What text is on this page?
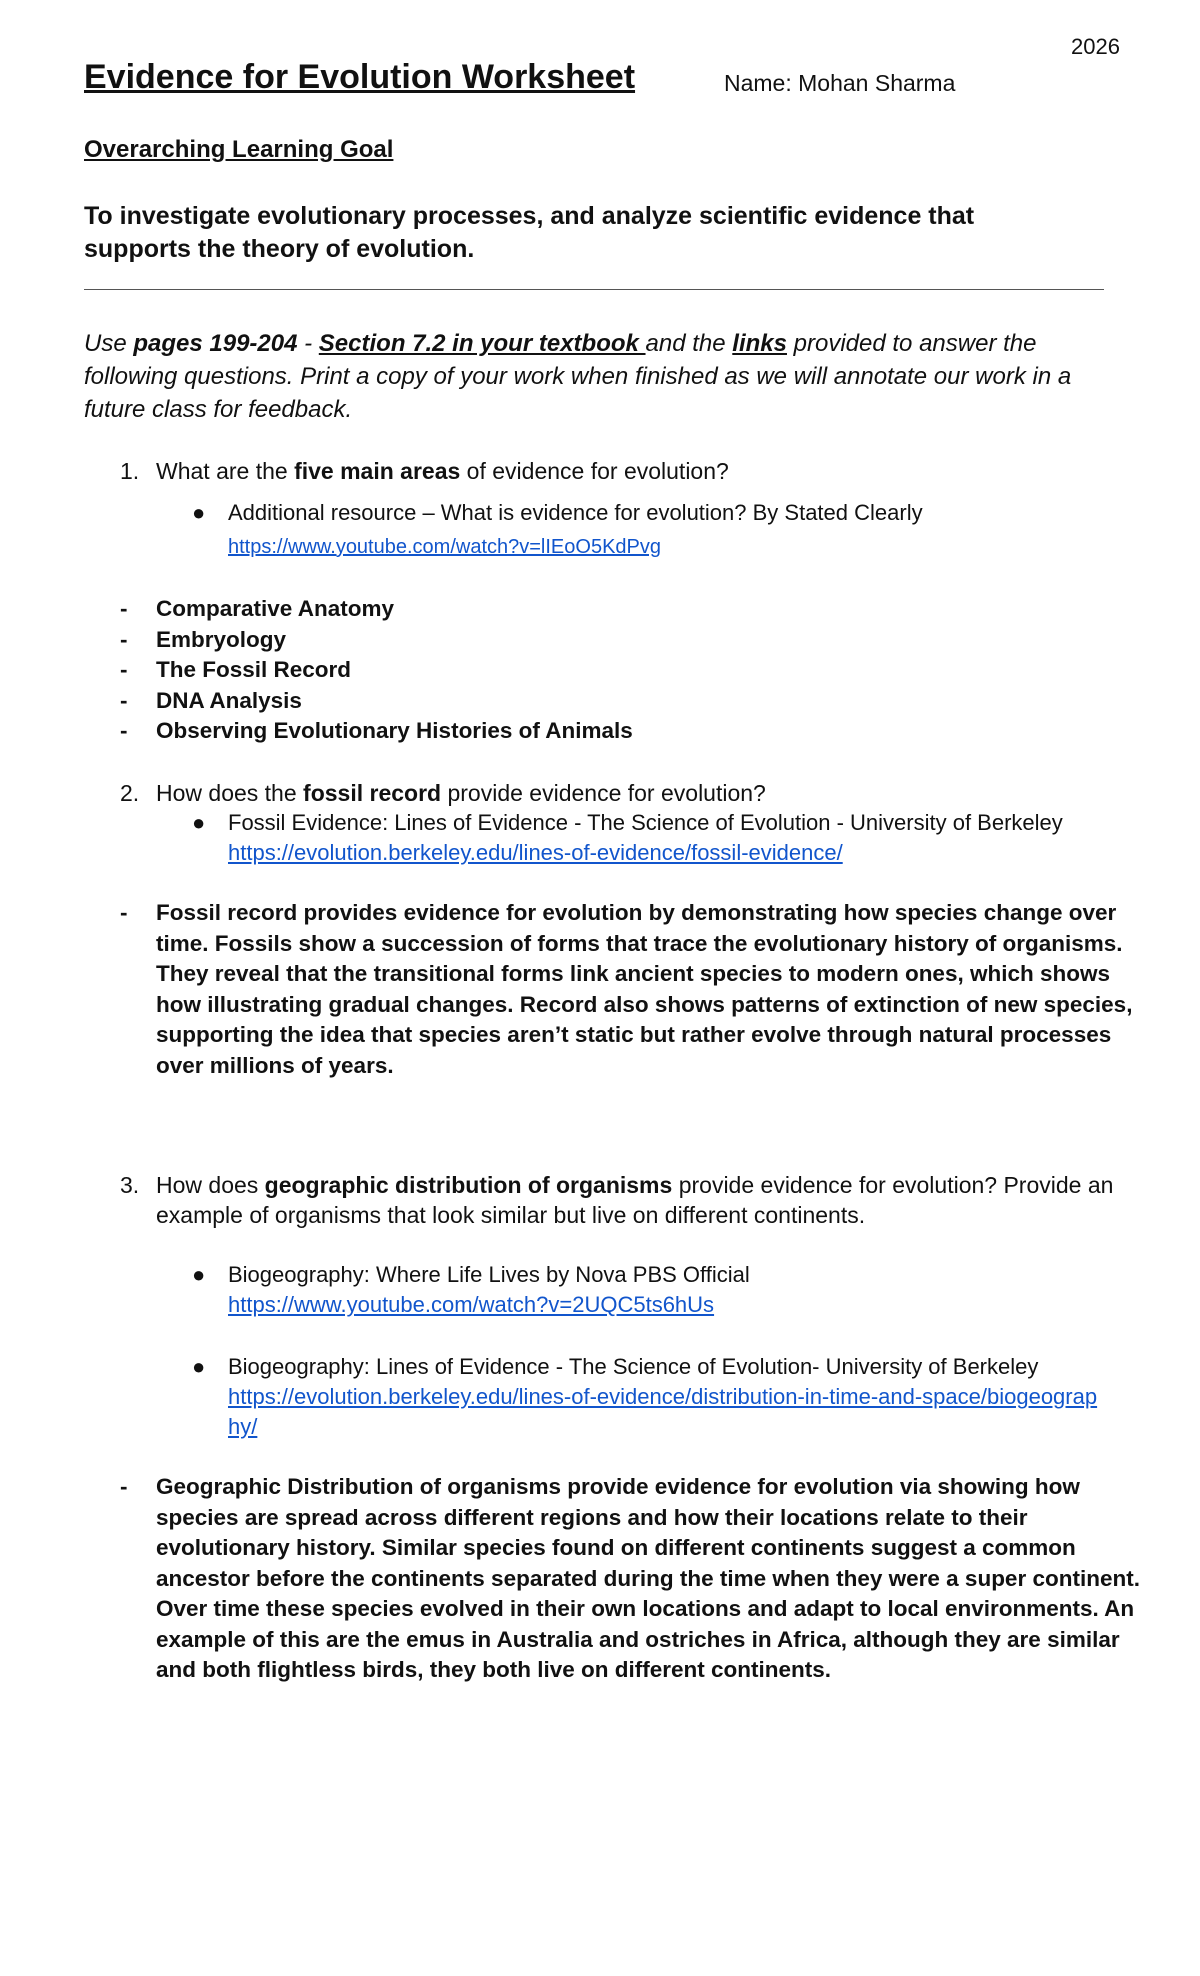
2026
Evidence for Evolution Worksheet	Name: Mohan Sharma
Overarching Learning Goal

To investigate evolutionary processes, and analyze scientific evidence that supports the theory of evolution.

Use pages 199-204 - Section 7.2 in your textbook and the links provided to answer the following questions. Print a copy of your work when finished as we will annotate our work in a future class for feedback.

1. What are the five main areas of evidence for evolution?
● Additional resource – What is evidence for evolution? By Stated Clearly
https://www.youtube.com/watch?v=lIEoO5KdPvg
- Comparative Anatomy
- Embryology
- The Fossil Record
- DNA Analysis
- Observing Evolutionary Histories of Animals
2. How does the fossil record provide evidence for evolution?
● Fossil Evidence: Lines of Evidence - The Science of Evolution - University of Berkeley https://evolution.berkeley.edu/lines-of-evidence/fossil-evidence/
- Fossil record provides evidence for evolution by demonstrating how species change over time. Fossils show a succession of forms that trace the evolutionary history of organisms. They reveal that the transitional forms link ancient species to modern ones, which shows how illustrating gradual changes. Record also shows patterns of extinction of new species, supporting the idea that species aren’t static but rather evolve through natural processes over millions of years.
3. How does geographic distribution of organisms provide evidence for evolution? Provide an example of organisms that look similar but live on different continents.
● Biogeography: Where Life Lives by Nova PBS Official
https://www.youtube.com/watch?v=2UQC5ts6hUs
● Biogeography: Lines of Evidence - The Science of Evolution- University of Berkeley
https://evolution.berkeley.edu/lines-of-evidence/distribution-in-time-and-space/biogeography/
- Geographic Distribution of organisms provide evidence for evolution via showing how species are spread across different regions and how their locations relate to their evolutionary history. Similar species found on different continents suggest a common ancestor before the continents separated during the time when they were a super continent. Over time these species evolved in their own locations and adapt to local environments. An example of this are the emus in Australia and ostriches in Africa, although they are similar and both flightless birds, they both live on different continents.
